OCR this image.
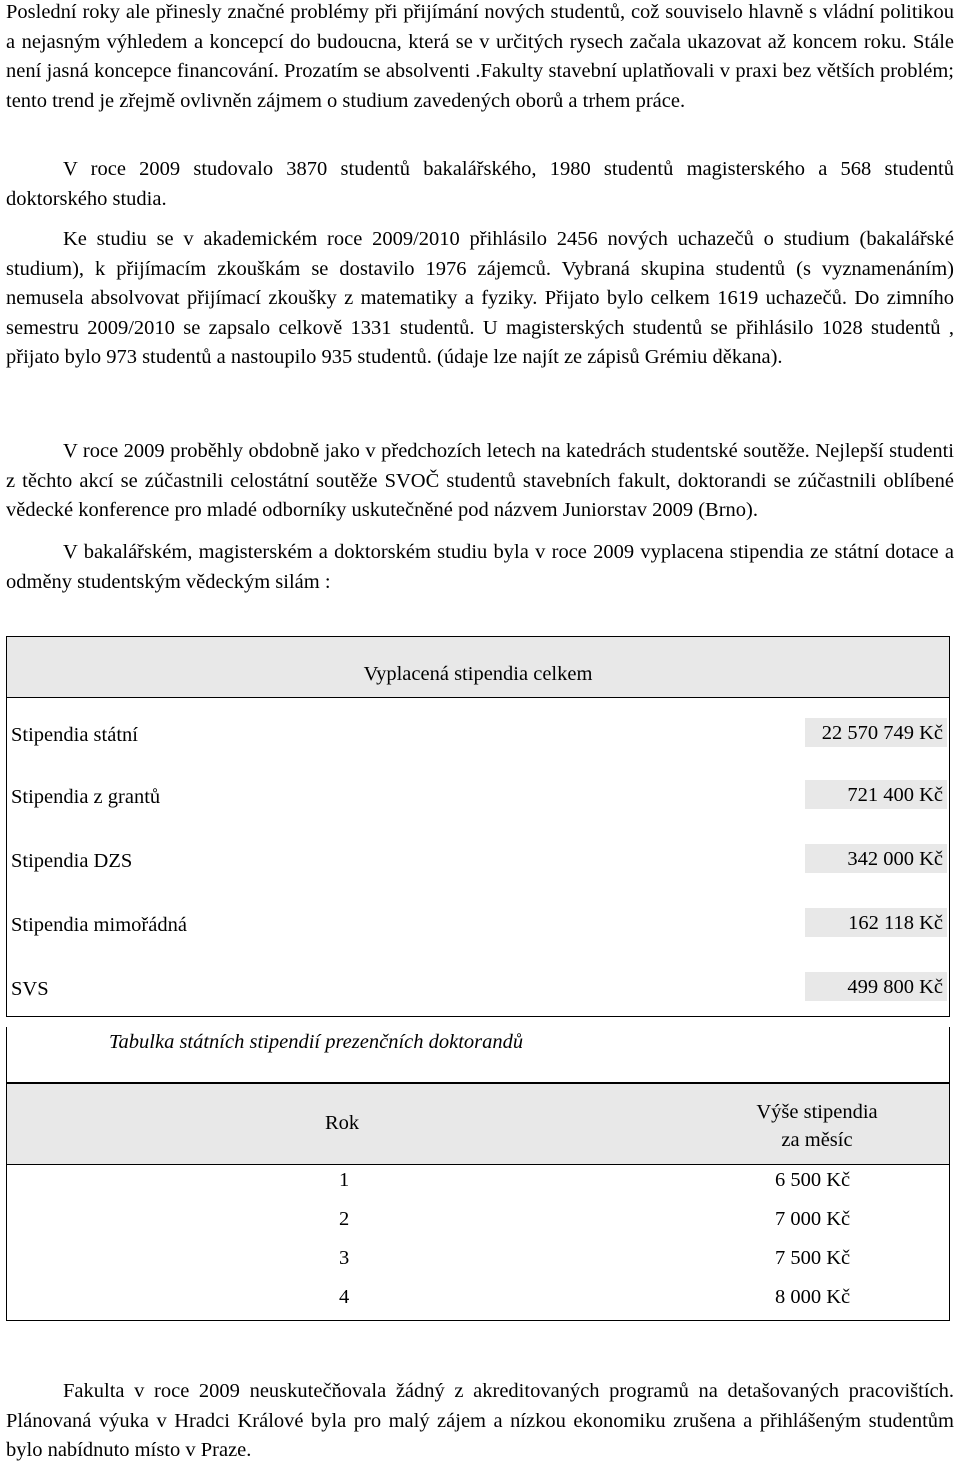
Poslední roky ale přinesly značné problémy při přijímání nových studentů, což souviselo hlavně s vládní politikou a nejasným výhledem a koncepcí do budoucna, která se v určitých rysech začala ukazovat až koncem roku. Stále není jasná koncepce financování. Prozatím se absolventi .Fakulty stavební uplatňovali v praxi bez větších problém; tento trend je zřejmě ovlivněn zájmem o studium zavedených oborů a trhem práce.

V roce 2009 studovalo 3870 studentů bakalářského, 1980 studentů magisterského a 568 studentů doktorského studia.

Ke studiu se v akademickém roce 2009/2010 přihlásilo 2456 nových uchazečů o studium (bakalářské studium), k přijímacím zkouškám se dostavilo 1976 zájemců. Vybraná skupina studentů (s vyznamenáním) nemusela absolvovat přijímací zkoušky z matematiky a fyziky. Přijato bylo celkem 1619 uchazečů. Do zimního semestru 2009/2010 se zapsalo celkově 1331 studentů. U magisterských studentů se přihlásilo 1028 studentů , přijato bylo 973 studentů a nastoupilo 935 studentů. (údaje lze najít ze zápisů Grémiu děkana).

V roce 2009 proběhly obdobně jako v předchozích letech na katedrách studentské soutěže. Nejlepší studenti z těchto akcí se zúčastnili celostátní soutěže SVOČ studentů stavebních fakult, doktorandi se zúčastnili oblíbené vědecké konference pro mladé odborníky uskutečněné pod názvem Juniorstav 2009 (Brno).

V bakalářském, magisterském a doktorském studiu byla v roce 2009 vyplacena stipendia ze státní dotace a odměny studentským vědeckým silám :

Vyplacená stipendia celkem
Stipendia státní	22 570 749 Kč
Stipendia z grantů	721 400 Kč
Stipendia DZS	342 000 Kč
Stipendia mimořádná	162 118 Kč
SVS	499 800 Kč
Tabulka státních stipendií prezenčních doktorandů
Rok	Výše stipendia
za měsíc
1	6 500 Kč
2	7 000 Kč
3	7 500 Kč
4	8 000 Kč

Fakulta v roce 2009 neuskutečňovala žádný z akreditovaných programů na detašovaných pracovištích. Plánovaná výuka v Hradci Králové byla pro malý zájem a nízkou ekonomiku zrušena a přihlášeným studentům bylo nabídnuto místo v Praze.
